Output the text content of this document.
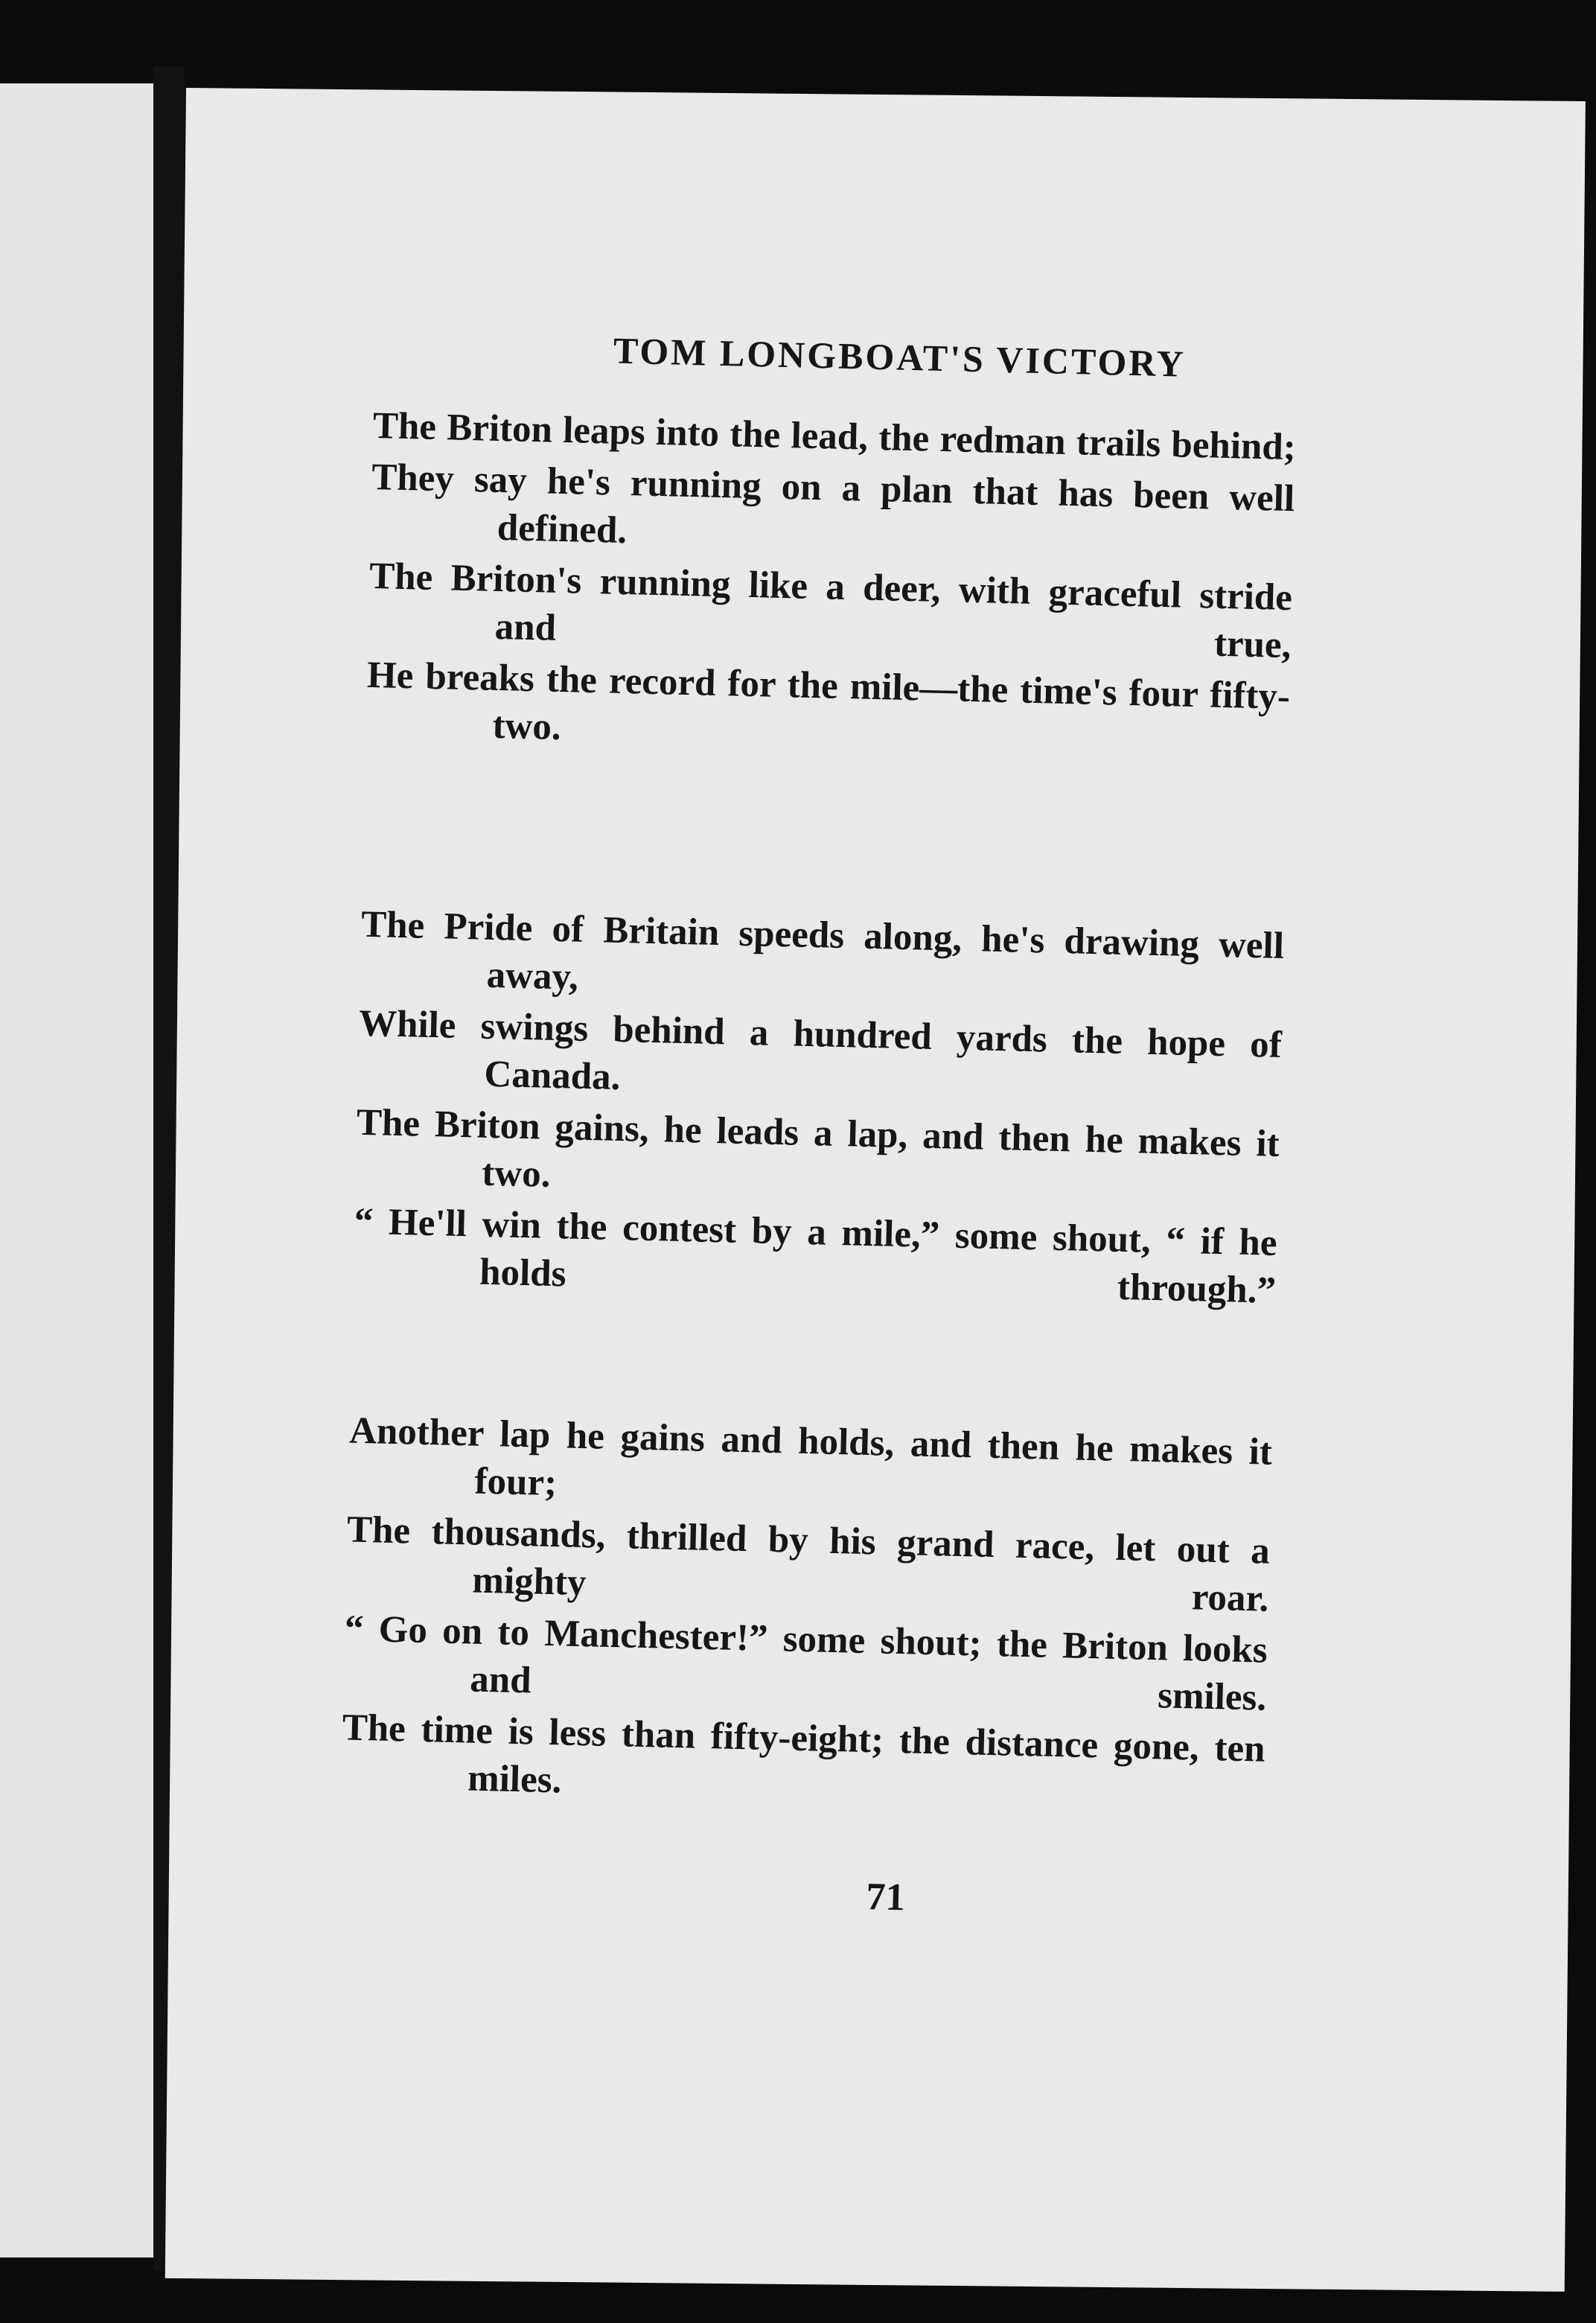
TOM LONGBOAT'S VICTORY

The Briton leaps into the lead, the redman trails behind;

They say he's running on a plan that has been well defined.

The Briton's running like a deer, with graceful stride and true,

He breaks the record for the mile—the time's four fifty-two.

The Pride of Britain speeds along, he's drawing well away,

While swings behind a hundred yards the hope of Canada.

The Briton gains, he leads a lap, and then he makes it two.

“ He'll win the contest by a mile,” some shout, “ if he holds through.”

Another lap he gains and holds, and then he makes it four;

The thousands, thrilled by his grand race, let out a mighty roar.

“ Go on to Manchester!” some shout; the Briton looks and smiles.

The time is less than fifty-eight; the distance gone, ten miles.

71
